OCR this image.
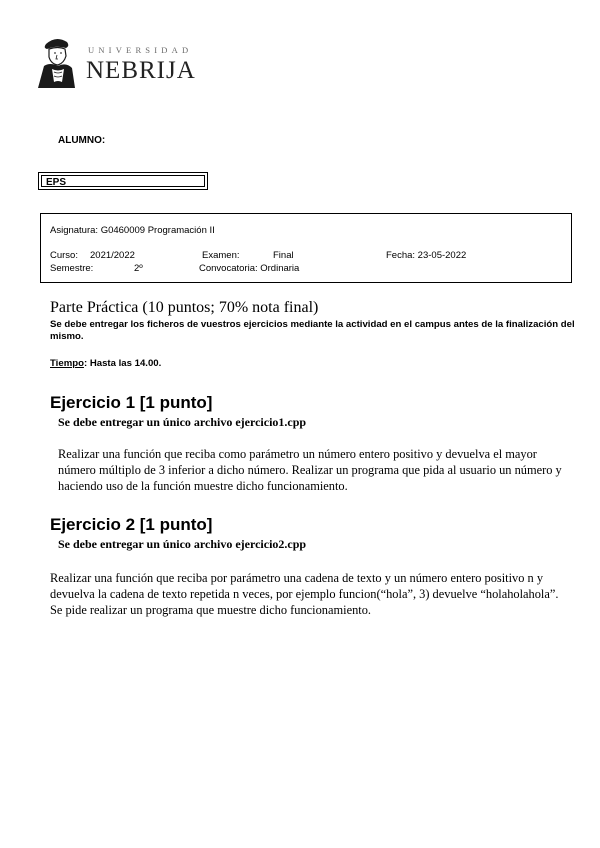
UNIVERSIDAD
NEBRIJA
ALUMNO:
EPS
Asignatura: G0460009 Programación II
Curso: 2021/2022	Examen:	Final	Fecha: 23-05-2022
Semestre:	2º	Convocatoria: Ordinaria
Parte Práctica (10 puntos; 70% nota final)
Se debe entregar los ficheros de vuestros ejercicios mediante la actividad en el campus antes de la finalización del mismo.
Tiempo: Hasta las 14.00.
Ejercicio 1 [1 punto]
Se debe entregar un único archivo ejercicio1.cpp
Realizar una función que reciba como parámetro un número entero positivo y devuelva el mayor número múltiplo de 3 inferior a dicho número. Realizar un programa que pida al usuario un número y haciendo uso de la función muestre dicho funcionamiento.
Ejercicio 2 [1 punto]
Se debe entregar un único archivo ejercicio2.cpp
Realizar una función que reciba por parámetro una cadena de texto y un número entero positivo n y devuelva la cadena de texto repetida n veces, por ejemplo funcion(“hola”, 3) devuelve “holaholahola”. Se pide realizar un programa que muestre dicho funcionamiento.
